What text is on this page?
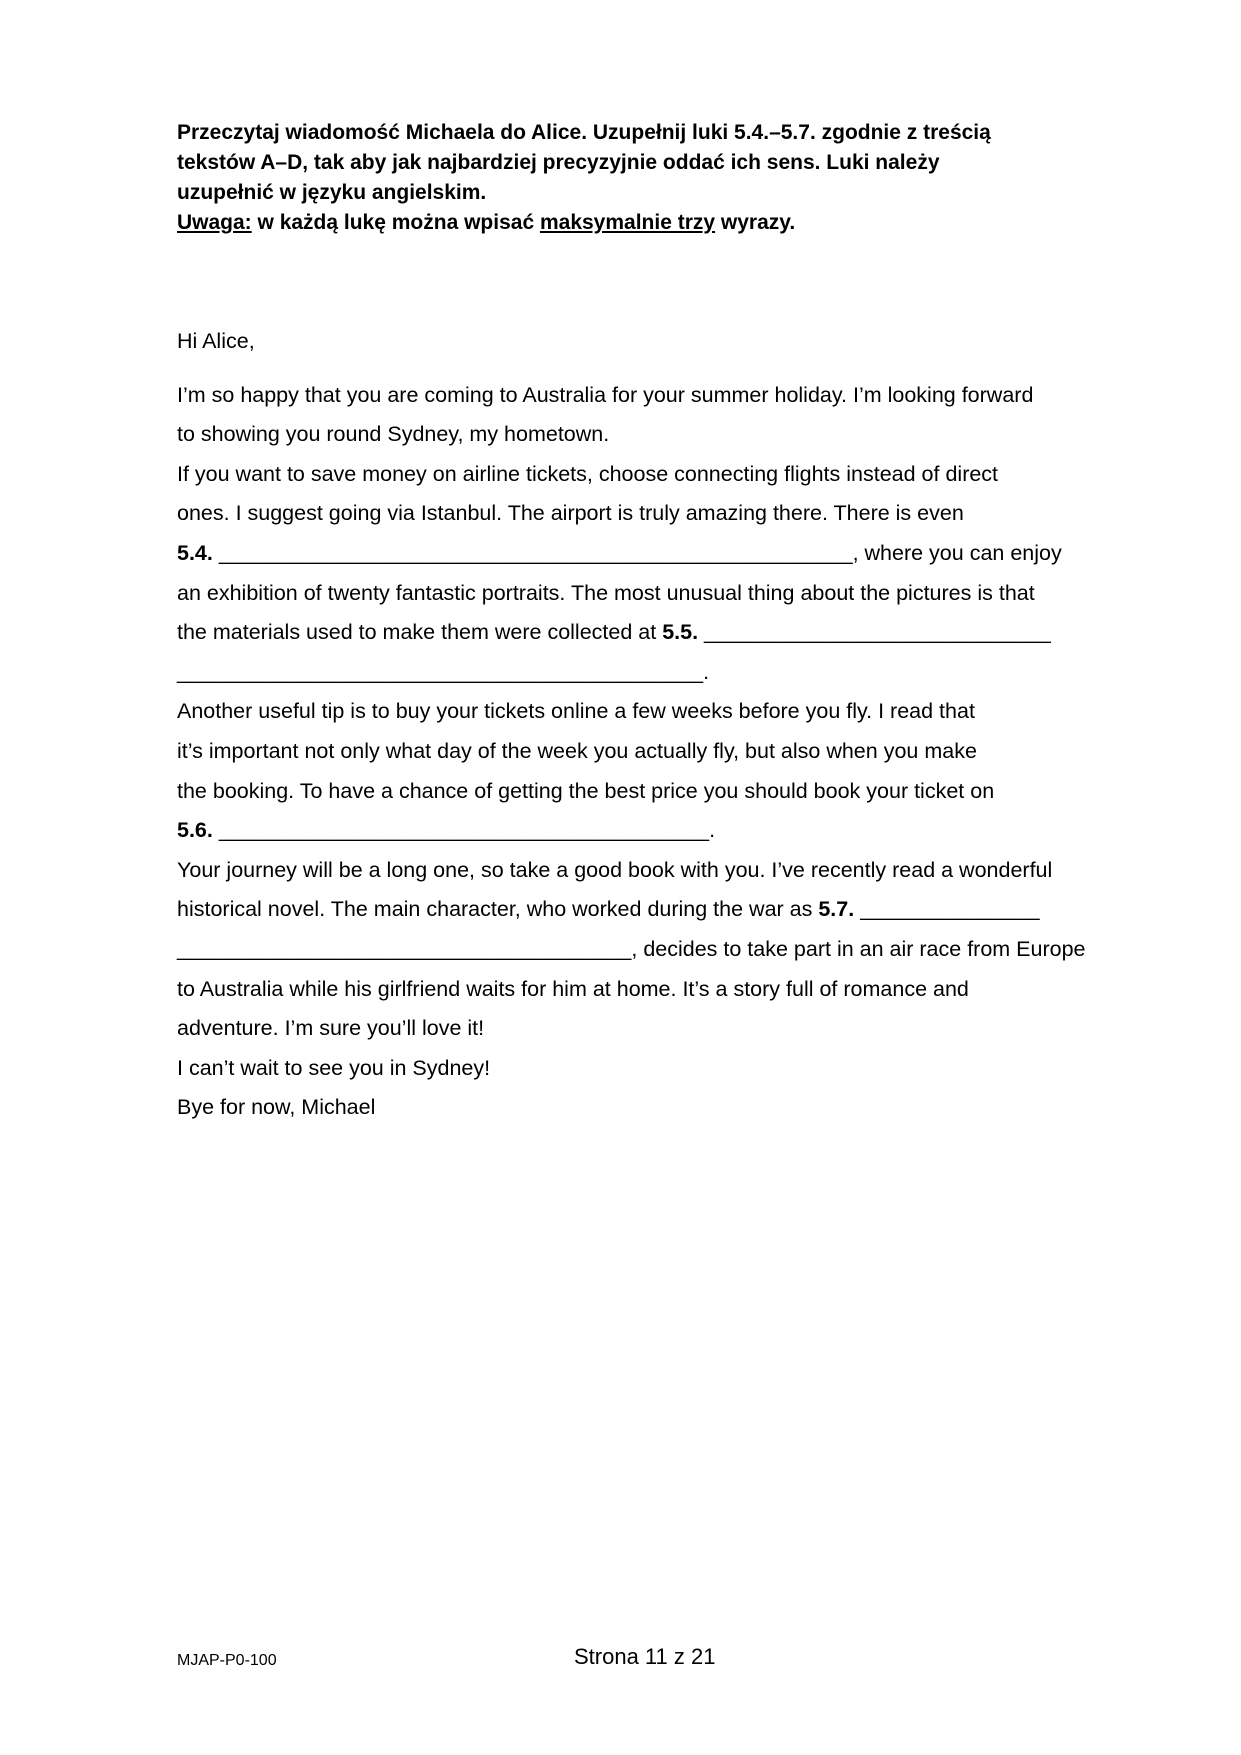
Przeczytaj wiadomość Michaela do Alice. Uzupełnij luki 5.4.–5.7. zgodnie z treścią

tekstów A–D, tak aby jak najbardziej precyzyjnie oddać ich sens. Luki należy

uzupełnić w języku angielskim.

Uwaga: w każdą lukę można wpisać maksymalnie trzy wyrazy.

Hi Alice,
I’m so happy that you are coming to Australia for your summer holiday. I’m looking forward
to showing you round Sydney, my hometown.
If you want to save money on airline tickets, choose connecting flights instead of direct
ones. I suggest going via Istanbul. The airport is truly amazing there. There is even
5.4. _____________________________________________________, where you can enjoy
an exhibition of twenty fantastic portraits. The most unusual thing about the pictures is that
the materials used to make them were collected at 5.5. _____________________________
____________________________________________.
Another useful tip is to buy your tickets online a few weeks before you fly. I read that
it’s important not only what day of the week you actually fly, but also when you make
the booking. To have a chance of getting the best price you should book your ticket on
5.6. _________________________________________.
Your journey will be a long one, so take a good book with you. I’ve recently read a wonderful
historical novel. The main character, who worked during the war as 5.7. _______________
______________________________________, decides to take part in an air race from Europe
to Australia while his girlfriend waits for him at home. It’s a story full of romance and
adventure. I’m sure you’ll love it!
I can’t wait to see you in Sydney!
Bye for now, Michael
MJAP-P0-100	Strona 11 z 21
